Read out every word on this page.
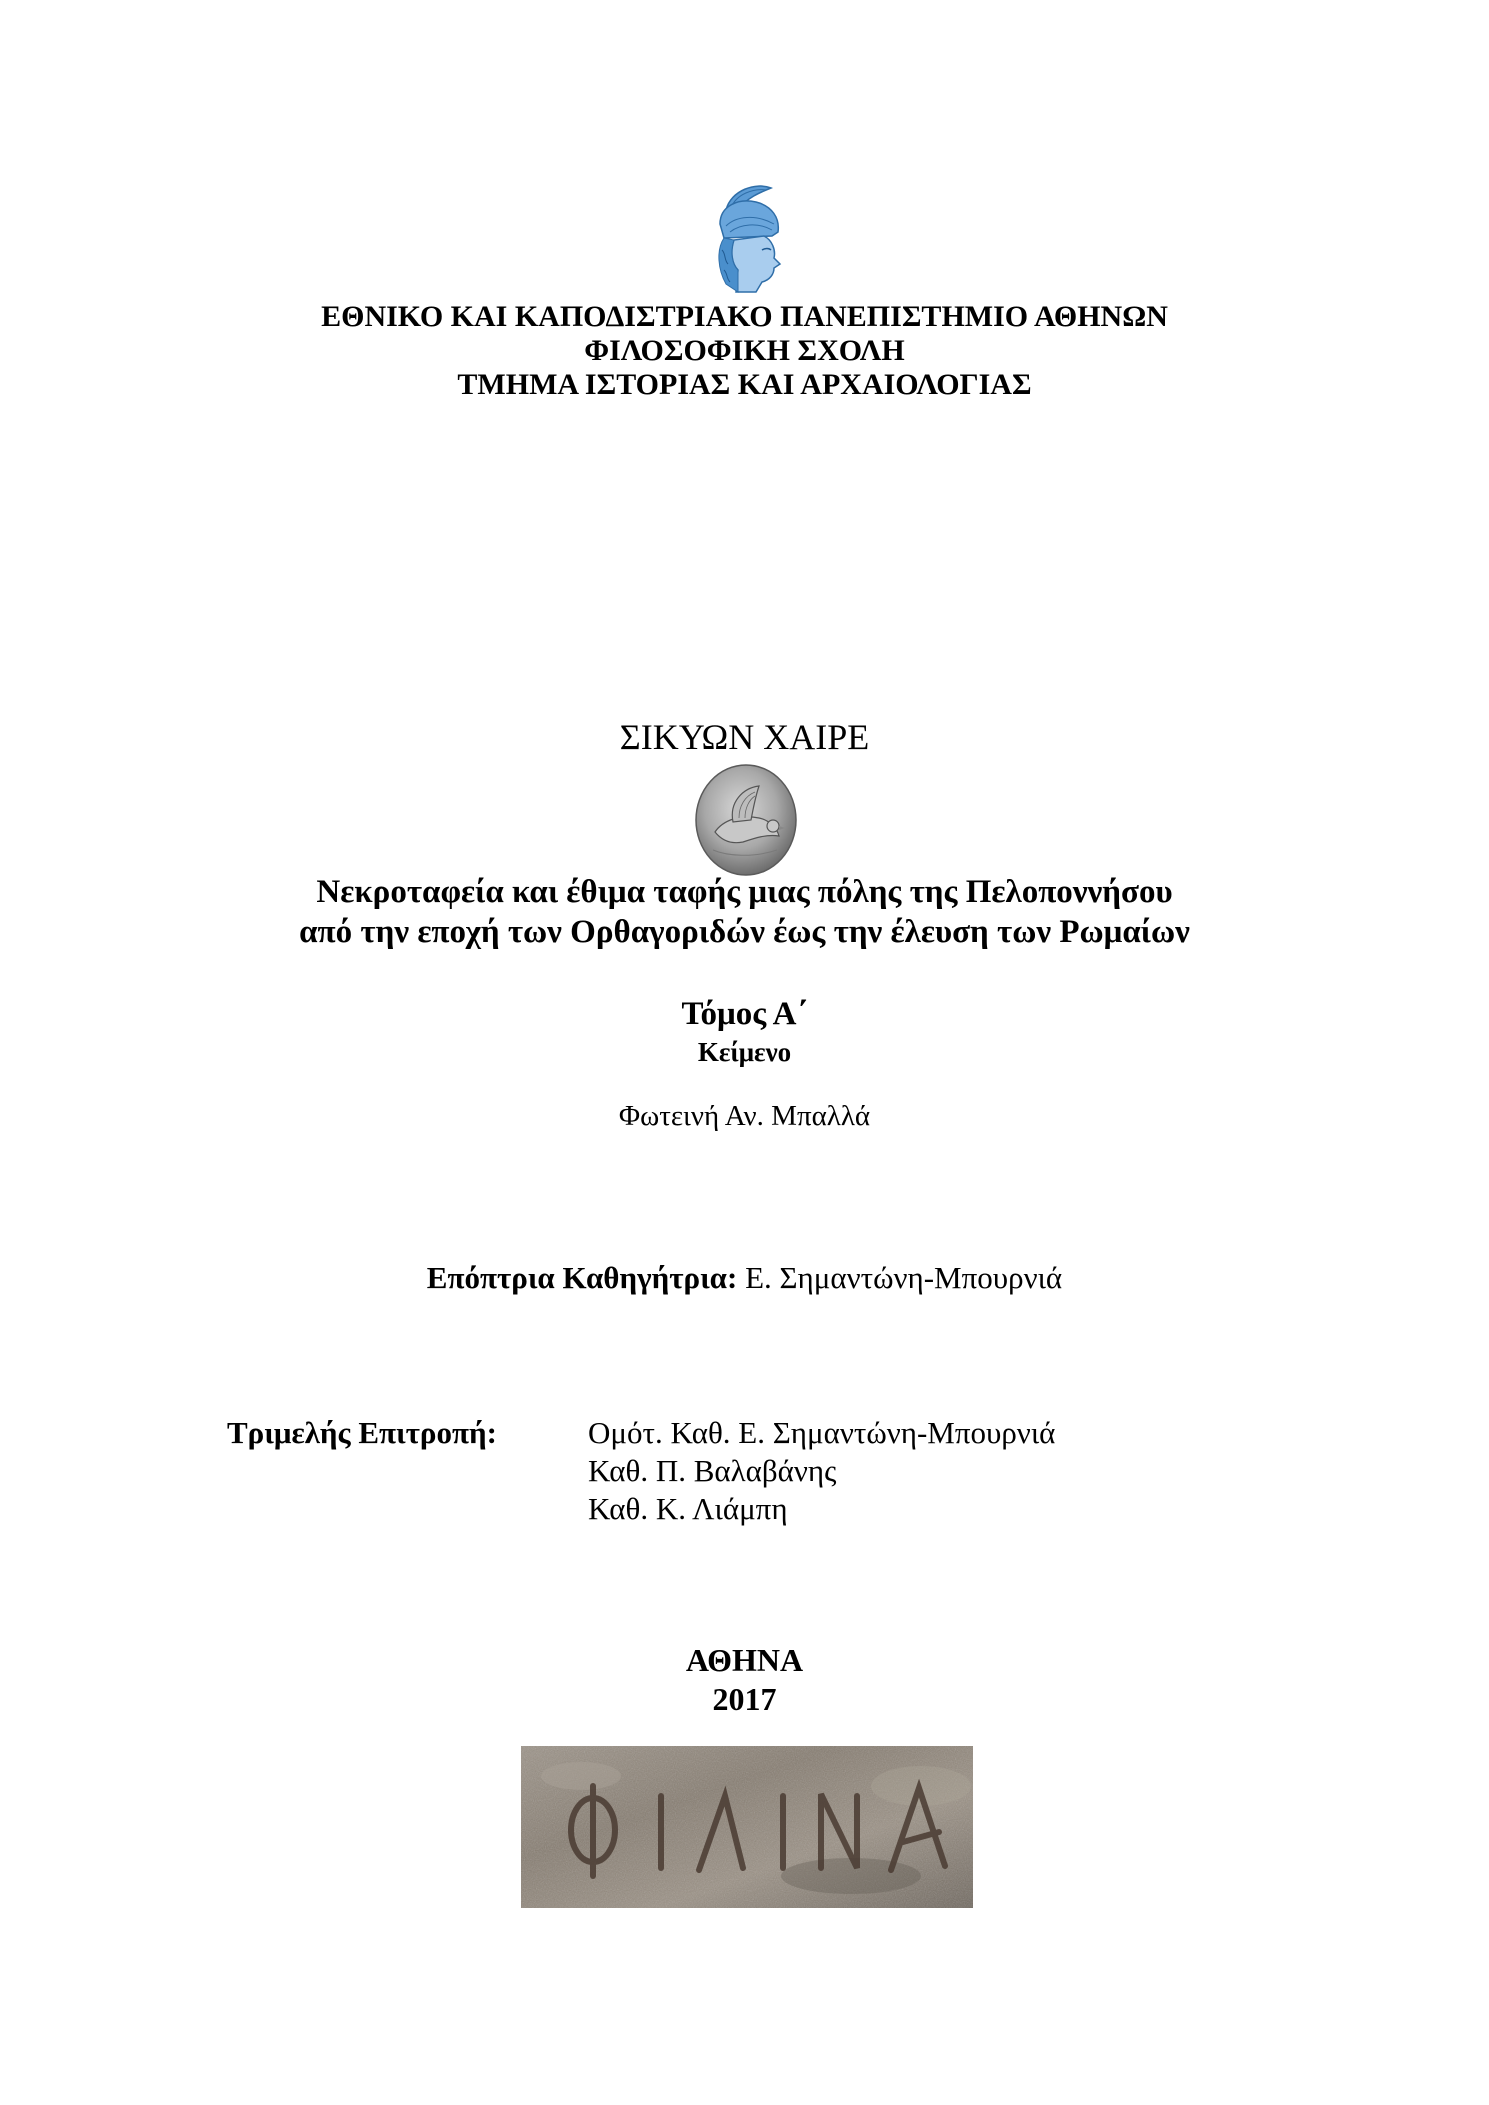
ΕΘΝΙΚΟ ΚΑΙ ΚΑΠΟΔΙΣΤΡΙΑΚΟ ΠΑΝΕΠΙΣΤΗΜΙΟ ΑΘΗΝΩΝ
ΦΙΛΟΣΟΦΙΚΗ ΣΧΟΛΗ
ΤΜΗΜΑ ΙΣΤΟΡΙΑΣ ΚΑΙ ΑΡΧΑΙΟΛΟΓΙΑΣ
ΣΙΚΥΩΝ ΧΑΙΡΕ
Νεκροταφεία και έθιμα ταφής μιας πόλης της Πελοποννήσου
από την εποχή των Ορθαγοριδών έως την έλευση των Ρωμαίων
Τόμος Α΄
Κείμενο
Φωτεινή Αν. Μπαλλά
Επόπτρια Καθηγήτρια: Ε. Σημαντώνη-Μπουρνιά
Τριμελής Επιτροπή:	Ομότ. Καθ. Ε. Σημαντώνη-Μπουρνιά
Καθ. Π. Βαλαβάνης
Καθ. Κ. Λιάμπη
ΑΘΗΝΑ
2017
